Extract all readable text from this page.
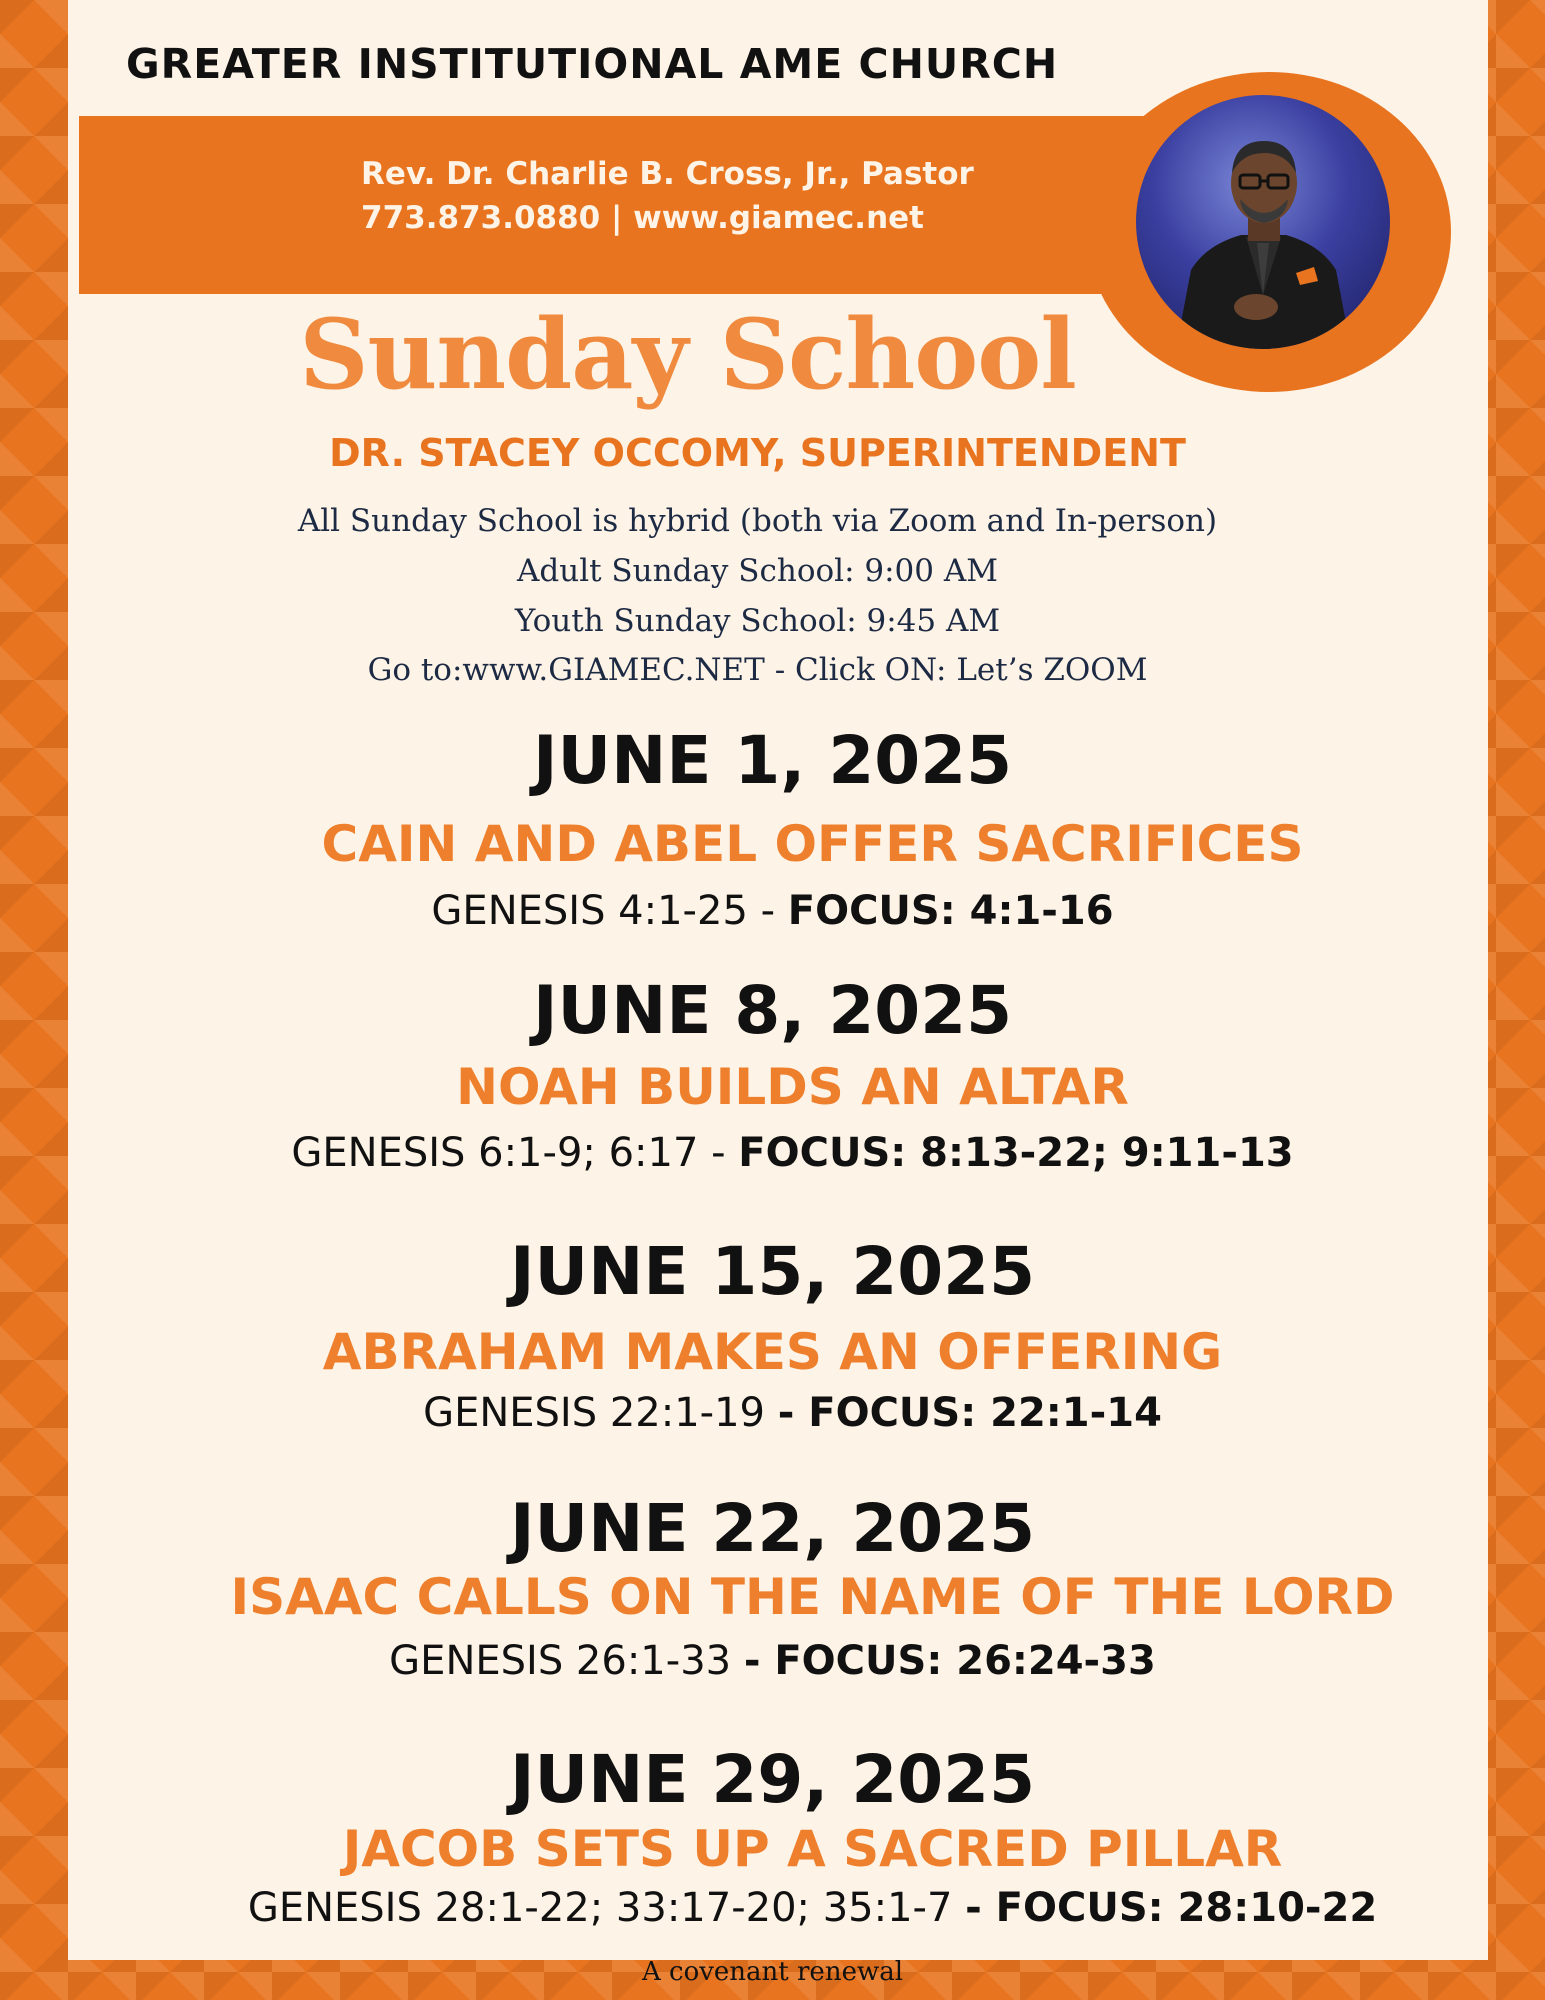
GREATER INSTITUTIONAL AME CHURCH
Rev. Dr. Charlie B. Cross, Jr., Pastor
773.873.0880 | www.giamec.net
Sunday School
DR. STACEY OCCOMY, SUPERINTENDENT
All Sunday School is hybrid (both via Zoom and In-person)
Adult Sunday School: 9:00 AM
Youth Sunday School: 9:45 AM
Go to:www.GIAMEC.NET - Click ON: Let’s ZOOM
JUNE 1, 2025
CAIN AND ABEL OFFER SACRIFICES
GENESIS 4:1-25 - FOCUS: 4:1-16
JUNE 8, 2025
NOAH BUILDS AN ALTAR
GENESIS 6:1-9; 6:17 - FOCUS: 8:13-22; 9:11-13
JUNE 15, 2025
ABRAHAM MAKES AN OFFERING
GENESIS 22:1-19 - FOCUS: 22:1-14
JUNE 22, 2025
ISAAC CALLS ON THE NAME OF THE LORD
GENESIS 26:1-33 - FOCUS: 26:24-33
JUNE 29, 2025
JACOB SETS UP A SACRED PILLAR
GENESIS 28:1-22; 33:17-20; 35:1-7 - FOCUS: 28:10-22
A covenant renewal
